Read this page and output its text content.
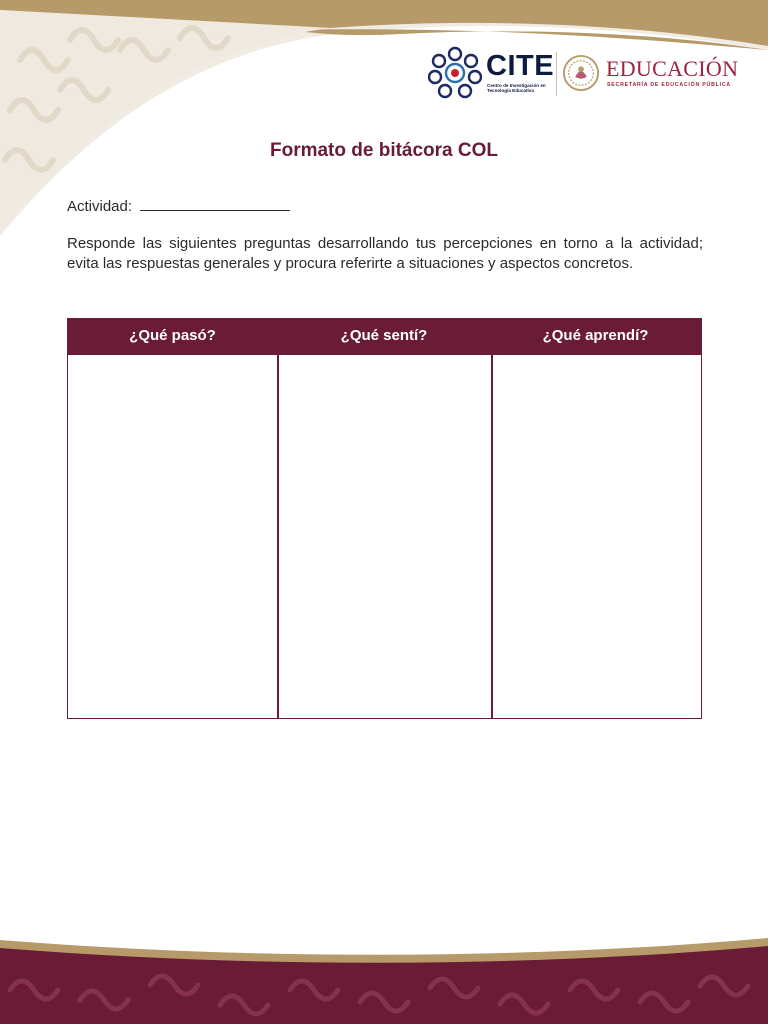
CITE
Centro de Investigación en
Tecnología Educativa
EDUCACIÓN
SECRETARÍA DE EDUCACIÓN PÚBLICA
Formato de bitácora COL
Actividad:
Responde las siguientes preguntas desarrollando tus percepciones en torno a la actividad; evita las respuestas generales y procura referirte a situaciones y aspectos concretos.
¿Qué pasó?	¿Qué sentí?	¿Qué aprendí?
